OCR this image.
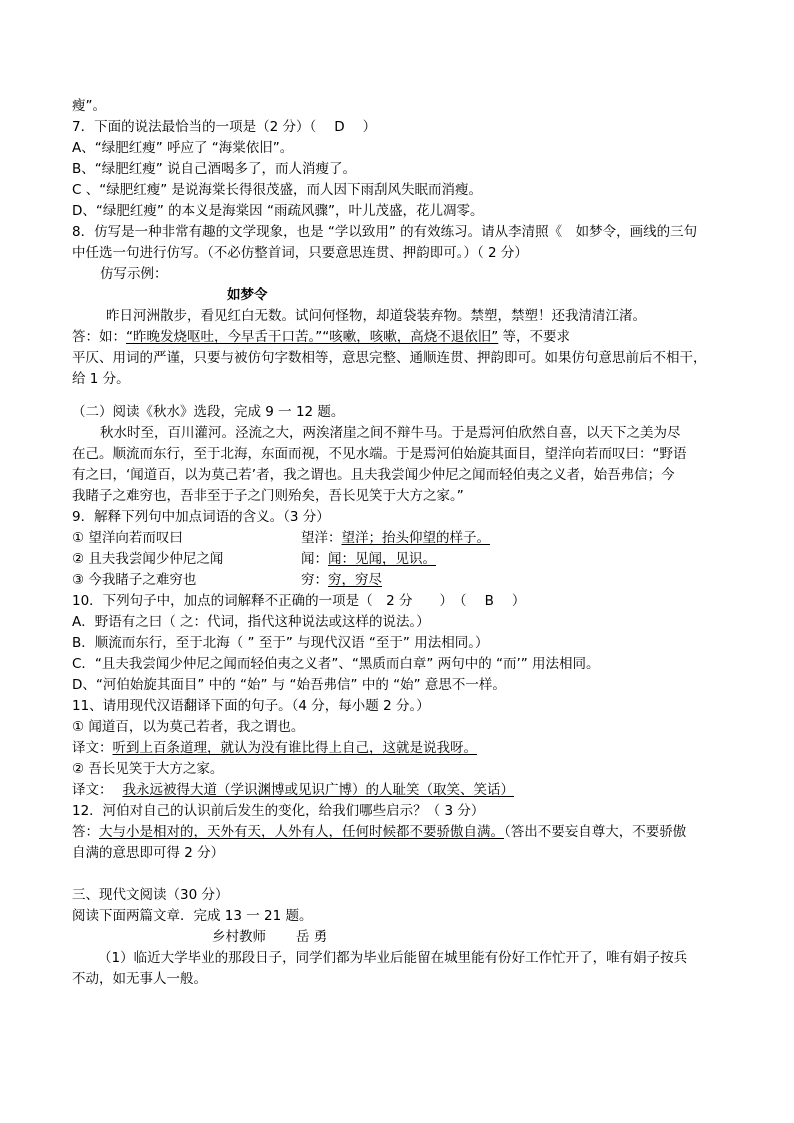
瘦”。
7．下面的说法最恰当的一项是（2 分）（ D ）
A、“绿肥红瘦” 呼应了 “海棠依旧”。
B、“绿肥红瘦” 说自己酒喝多了，而人消瘦了。
C 、“绿肥红瘦” 是说海棠长得很茂盛，而人因下雨刮风失眠而消瘦。
D、“绿肥红瘦” 的本义是海棠因 “雨疏风骤”，叶儿茂盛，花儿凋零。
8．仿写是一种非常有趣的文学现象，也是 “学以致用” 的有效练习。请从李清照《　如梦令，画线的三句
中任选一句进行仿写。（不必仿整首词，只要意思连贯、押韵即可。）（ 2 分）
仿写示例：
如梦令
昨日河洲散步，看见红白无数。试问何怪物，却道袋装弃物。禁塑，禁塑！还我清清江渚。
答：如：“昨晚发烧呕吐，今早舌干口苦。”“咳嗽，咳嗽，高烧不退依旧” 等，不要求
平仄、用词的严谨，只要与被仿句字数相等，意思完整、通顺连贯、押韵即可。如果仿句意思前后不相干，
给 1 分。
（二）阅读《秋水》选段，完成 9 一 12 题。
秋水时至，百川灌河。泾流之大，两涘渚崖之间不辩牛马。于是焉河伯欣然自喜，以天下之美为尽
在己。顺流而东行，至于北海，东面而视，不见水端。于是焉河伯始旋其面目，望洋向若而叹曰：“野语
有之曰，‘闻道百，以为莫己若’者，我之谓也。且夫我尝闻少仲尼之闻而轻伯夷之义者，始吾弗信；今
我睹子之难穷也，吾非至于子之门则殆矣，吾长见笑于大方之家。”
9．解释下列句中加点词语的含义。（3 分）
① 望洋向若而叹曰	望洋：望洋；抬头仰望的样子。
② 且夫我尝闻少仲尼之闻	闻：闻：见闻，见识。
③ 今我睹子之难穷也	穷：穷，穷尽
10．下列句子中，加点的词解释不正确的一项是（　2 分　　）　（ B ）
A．野语有之曰（ 之：代词，指代这种说法或这样的说法。）
B．顺流而东行，至于北海（ ” 至于” 与现代汉语 “至于” 用法相同。）
C．“且夫我尝闻少仲尼之闻而轻伯夷之义者”、“黑质而白章” 两句中的 “而’” 用法相同。
D、“河伯始旋其面目” 中的 “始” 与 “始吾弗信” 中的 “始” 意思不一样。
11、请用现代汉语翻译下面的句子。（4 分，每小题 2 分。）
① 闻道百，以为莫己若者，我之谓也。
译文：听到上百条道理，就认为没有谁比得上自己，这就是说我呀。
② 吾长见笑于大方之家。
译文： 我永远被得大道（学识渊博或见识广博）的人耻笑（取笑、笑话）
12．河伯对自己的认识前后发生的变化，给我们哪些启示？（ 3 分）
答：大与小是相对的，天外有天，人外有人，任何时候都不要骄傲自满。（答出不要妄自尊大，不要骄傲
自满的意思即可得 2 分）
三、现代文阅读（30 分）
阅读下面两篇文章．完成 13 一 21 题。
乡村教师 岳 勇
（1）临近大学毕业的那段日子，同学们都为毕业后能留在城里能有份好工作忙开了，唯有娟子按兵
不动，如无事人一般。
